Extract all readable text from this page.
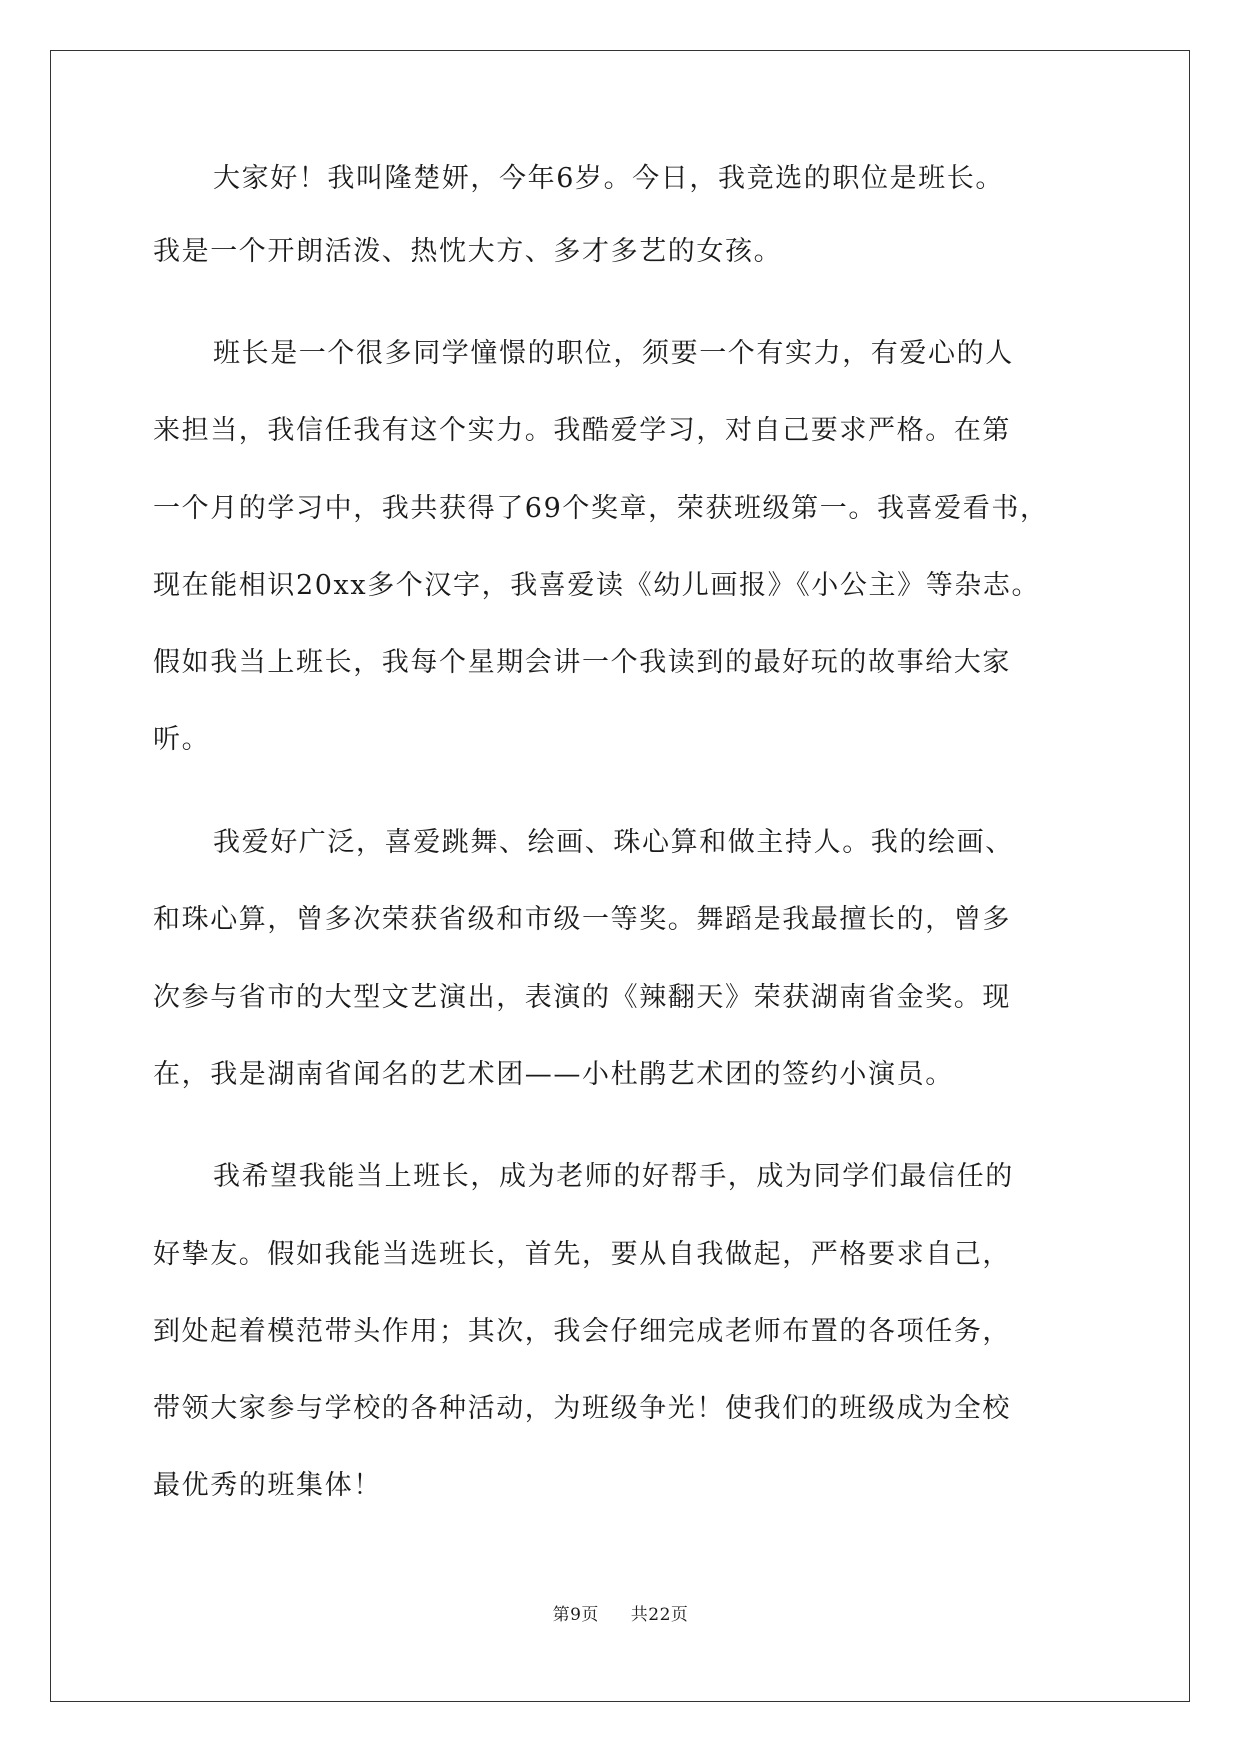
大家好！我叫隆楚妍，今年6岁。今日，我竞选的职位是班长。
我是一个开朗活泼、热忱大方、多才多艺的女孩。
班长是一个很多同学憧憬的职位，须要一个有实力，有爱心的人
来担当，我信任我有这个实力。我酷爱学习，对自己要求严格。在第
一个月的学习中，我共获得了69个奖章，荣获班级第一。我喜爱看书，
现在能相识20xx多个汉字，我喜爱读《幼儿画报》《小公主》等杂志。
假如我当上班长，我每个星期会讲一个我读到的最好玩的故事给大家
听。
我爱好广泛，喜爱跳舞、绘画、珠心算和做主持人。我的绘画、
和珠心算，曾多次荣获省级和市级一等奖。舞蹈是我最擅长的，曾多
次参与省市的大型文艺演出，表演的《辣翻天》荣获湖南省金奖。现
在，我是湖南省闻名的艺术团——小杜鹃艺术团的签约小演员。
我希望我能当上班长，成为老师的好帮手，成为同学们最信任的
好挚友。假如我能当选班长，首先，要从自我做起，严格要求自己，
到处起着模范带头作用；其次，我会仔细完成老师布置的各项任务，
带领大家参与学校的各种活动，为班级争光！使我们的班级成为全校
最优秀的班集体！
第9页 共22页
